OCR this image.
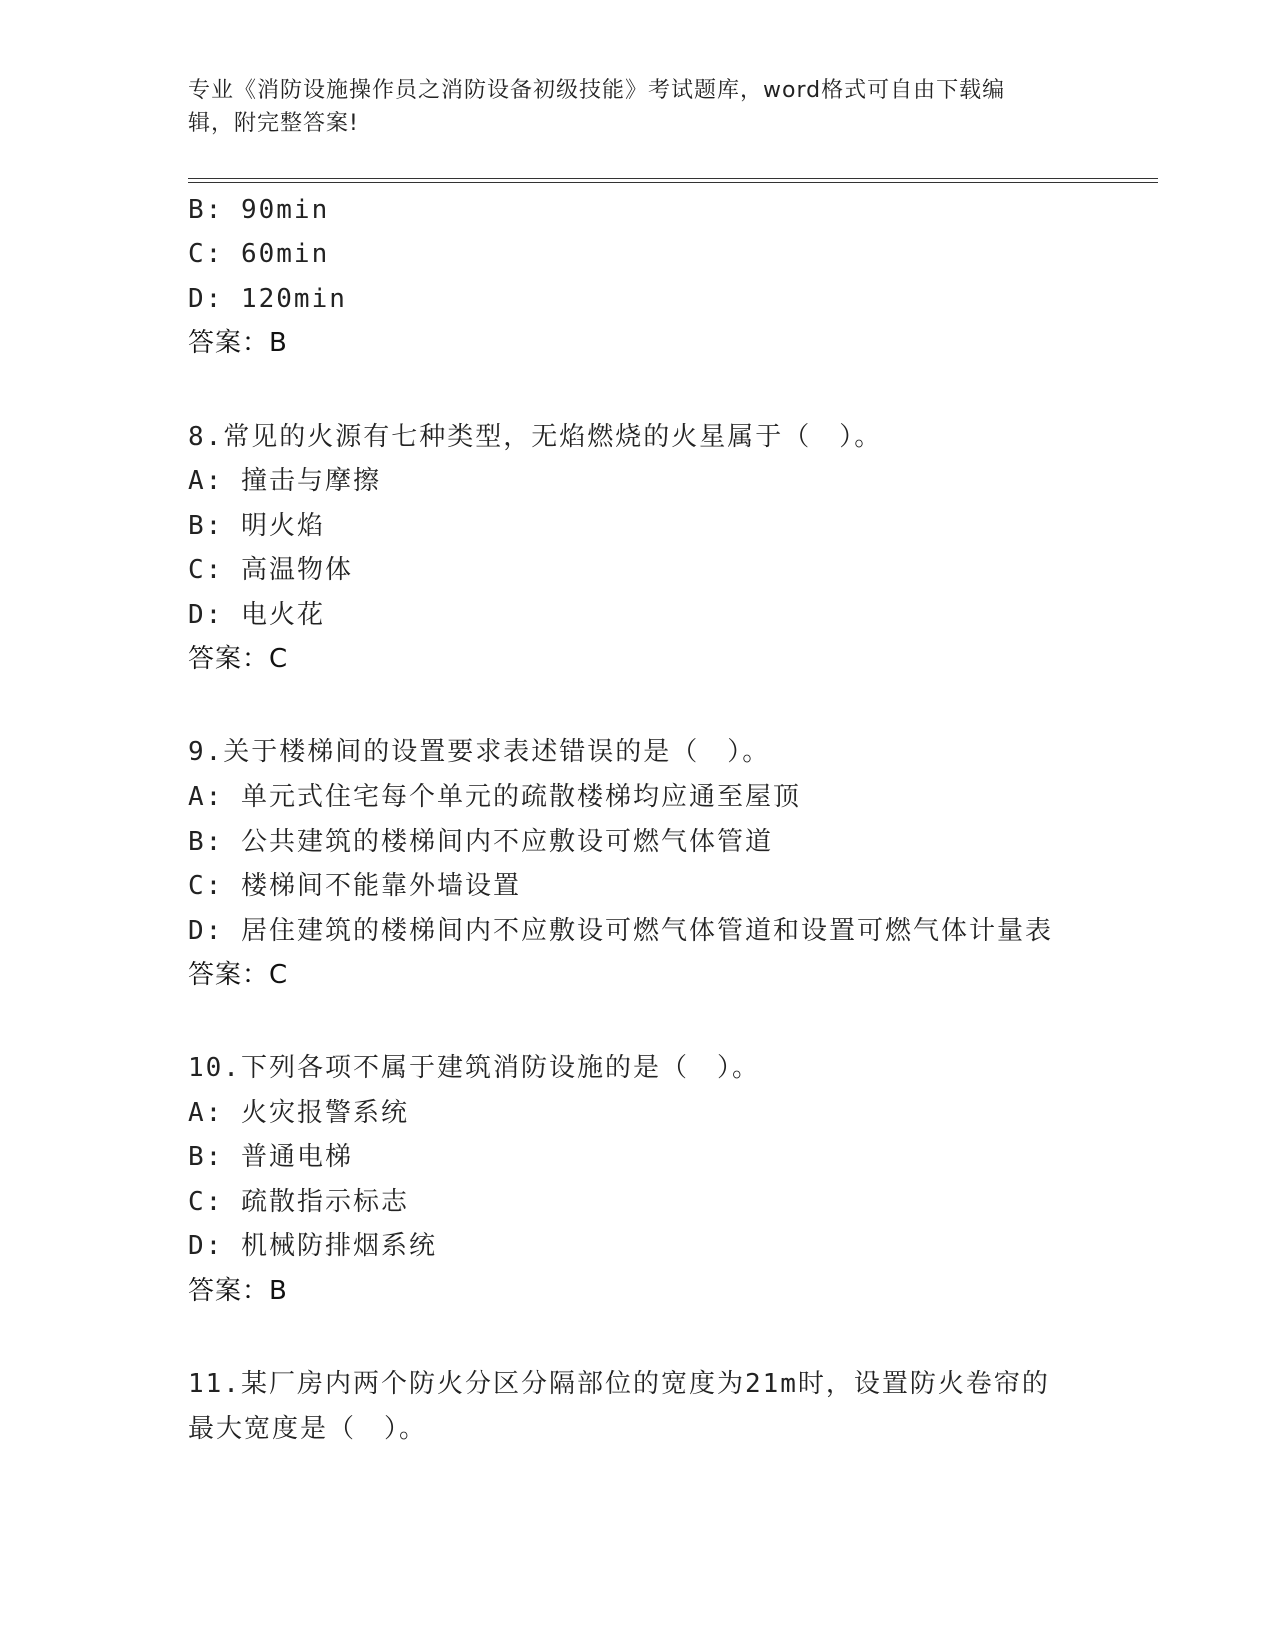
专业《消防设施操作员之消防设备初级技能》考试题库，word格式可自由下载编
辑，附完整答案!
B: 90min
C: 60min
D: 120min
答案：B
8.常见的火源有七种类型，无焰燃烧的火星属于（　）。
A: 撞击与摩擦
B: 明火焰
C: 高温物体
D: 电火花
答案：C
9.关于楼梯间的设置要求表述错误的是（　）。
A: 单元式住宅每个单元的疏散楼梯均应通至屋顶
B: 公共建筑的楼梯间内不应敷设可燃气体管道
C: 楼梯间不能靠外墙设置
D: 居住建筑的楼梯间内不应敷设可燃气体管道和设置可燃气体计量表
答案：C
10.下列各项不属于建筑消防设施的是（　）。
A: 火灾报警系统
B: 普通电梯
C: 疏散指示标志
D: 机械防排烟系统
答案：B
11.某厂房内两个防火分区分隔部位的宽度为21m时，设置防火卷帘的
最大宽度是（　）。
